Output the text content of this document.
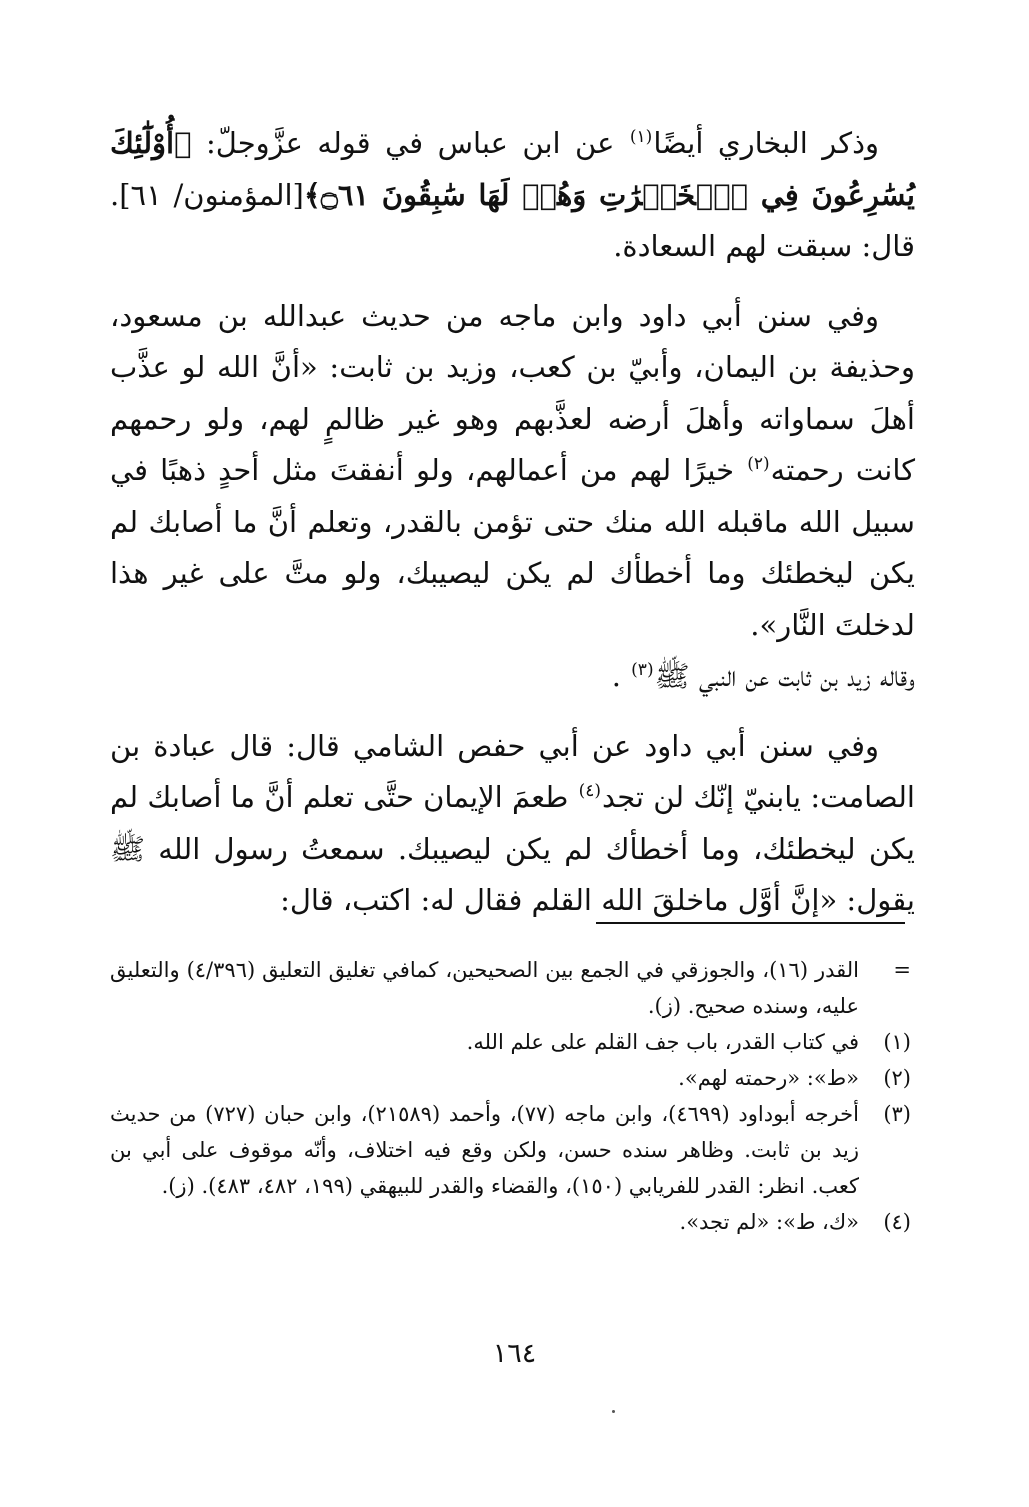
وذكر البخاري أيضًا$^{(١)}$ عن ابن عباس في قوله عزَّوجلّ: ﴿أُوْلَٰٓئِكَ يُسَٰرِعُونَ فِي ٱلۡخَيۡرَٰتِ وَهُمۡ لَهَا سَٰبِقُونَ ۝٦١﴾[المؤمنون/ ٦١]. قال: سبقت لهم السعادة.

وفي سنن أبي داود وابن ماجه من حديث عبدالله بن مسعود، وحذيفة بن اليمان، وأبيّ بن كعب، وزيد بن ثابت: «أنَّ الله لو عذَّب أهلَ سماواته وأهلَ أرضه لعذَّبهم وهو غير ظالمٍ لهم، ولو رحمهم كانت رحمته$^{(٢)}$ خيرًا لهم من أعمالهم، ولو أنفقتَ مثل أحدٍ ذهبًا في سبيل الله ماقبله الله منك حتى تؤمن بالقدر، وتعلم أنَّ ما أصابك لم يكن ليخطئك وما أخطأك لم يكن ليصيبك، ولو متَّ على غير هذا لدخلتَ النَّار».
وقاله زيد بن ثابت عن النبي ﷺ$^{(٣)}$ .

وفي سنن أبي داود عن أبي حفص الشامي قال: قال عبادة بن الصامت: يابنيّ إنّك لن تجد$^{(٤)}$ طعمَ الإيمان حتَّى تعلم أنَّ ما أصابك لم يكن ليخطئك، وما أخطأك لم يكن ليصيبك. سمعتُ رسول الله ﷺ يقول: «إنَّ أوَّل ماخلقَ الله القلم فقال له: اكتب، قال:

=
القدر (١٦)، والجوزقي في الجمع بين الصحيحين، كمافي تغليق التعليق (٤/٣٩٦) والتعليق عليه، وسنده صحيح. (ز).
(١)
في كتاب القدر، باب جف القلم على علم الله.
(٢)
«ط»: «رحمته لهم».
(٣)
أخرجه أبوداود (٤٦٩٩)، وابن ماجه (٧٧)، وأحمد (٢١٥٨٩)، وابن حبان (٧٢٧) من حديث زيد بن ثابت. وظاهر سنده حسن، ولكن وقع فيه اختلاف، وأنّه موقوف على أبي بن كعب. انظر: القدر للفريابي (١٥٠)، والقضاء والقدر للبيهقي (١٩٩، ٤٨٢، ٤٨٣). (ز).
(٤)
«ك، ط»: «لم تجد».
١٦٤
